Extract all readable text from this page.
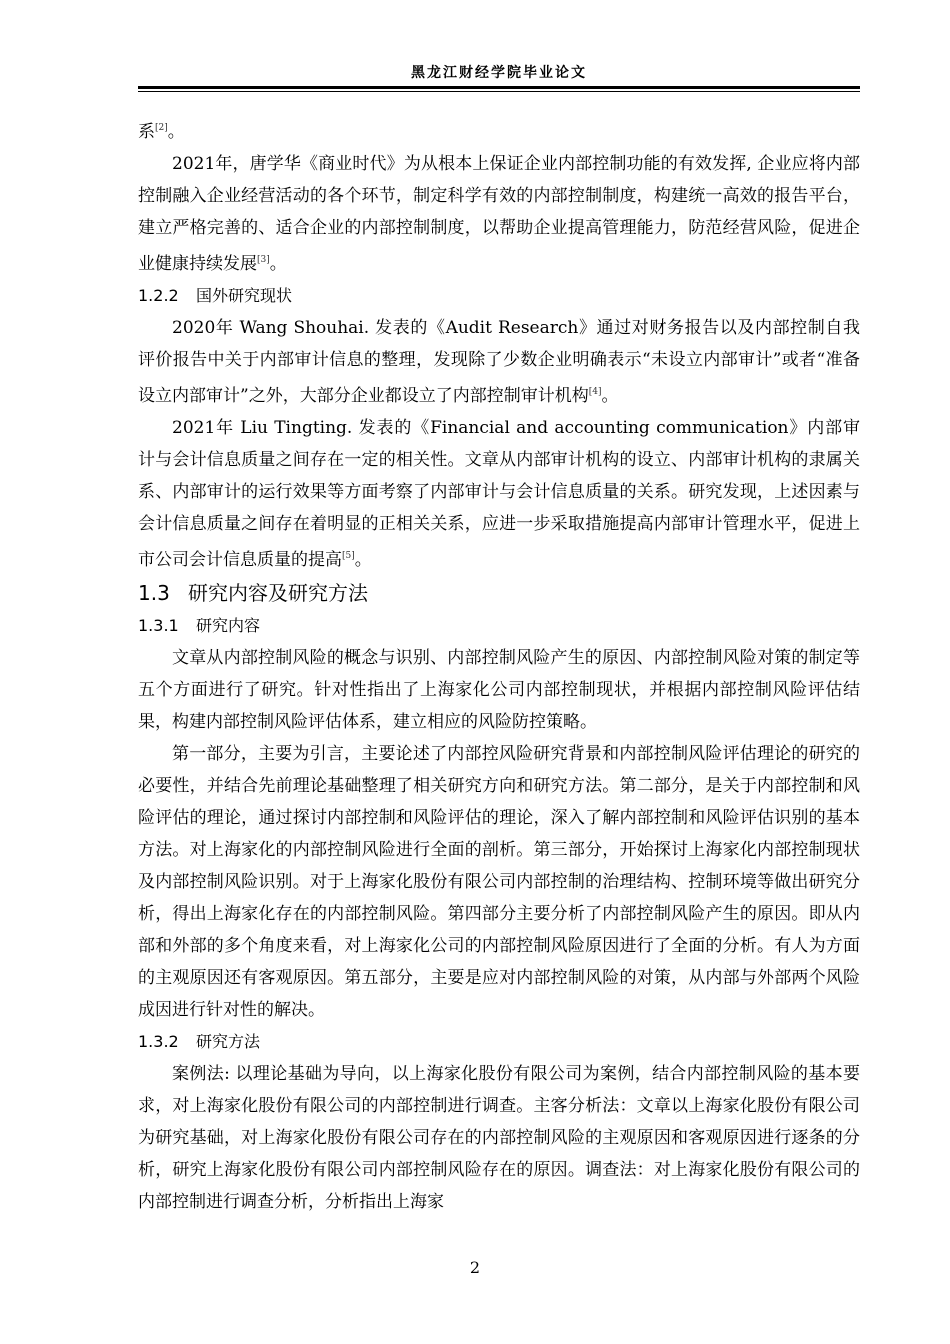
黑龙江财经学院毕业论文

系[2]。

2021年，唐学华《商业时代》为从根本上保证企业内部控制功能的有效发挥, 企业应将内部控制融入企业经营活动的各个环节，制定科学有效的内部控制制度，构建统一高效的报告平台，建立严格完善的、适合企业的内部控制制度，以帮助企业提高管理能力，防范经营风险，促进企业健康持续发展[3]。

1.2.2 国外研究现状

2020年 Wang Shouhai. 发表的《Audit Research》通过对财务报告以及内部控制自我评价报告中关于内部审计信息的整理，发现除了少数企业明确表示“未设立内部审计”或者“准备设立内部审计”之外，大部分企业都设立了内部控制审计机构[4]。

2021年 Liu Tingting. 发表的《Financial and accounting communication》内部审计与会计信息质量之间存在一定的相关性。文章从内部审计机构的设立、内部审计机构的隶属关系、内部审计的运行效果等方面考察了内部审计与会计信息质量的关系。研究发现，上述因素与会计信息质量之间存在着明显的正相关关系，应进一步采取措施提高内部审计管理水平，促进上市公司会计信息质量的提高[5]。

1.3 研究内容及研究方法
1.3.1 研究内容

文章从内部控制风险的概念与识别、内部控制风险产生的原因、内部控制风险对策的制定等五个方面进行了研究。针对性指出了上海家化公司内部控制现状，并根据内部控制风险评估结果，构建内部控制风险评估体系，建立相应的风险防控策略。

第一部分，主要为引言，主要论述了内部控风险研究背景和内部控制风险评估理论的研究的必要性，并结合先前理论基础整理了相关研究方向和研究方法。第二部分，是关于内部控制和风险评估的理论，通过探讨内部控制和风险评估的理论，深入了解内部控制和风险评估识别的基本方法。对上海家化的内部控制风险进行全面的剖析。第三部分，开始探讨上海家化内部控制现状及内部控制风险识别。对于上海家化股份有限公司内部控制的治理结构、控制环境等做出研究分析，得出上海家化存在的内部控制风险。第四部分主要分析了内部控制风险产生的原因。即从内部和外部的多个角度来看，对上海家化公司的内部控制风险原因进行了全面的分析。有人为方面的主观原因还有客观原因。第五部分，主要是应对内部控制风险的对策，从内部与外部两个风险成因进行针对性的解决。

1.3.2 研究方法

案例法: 以理论基础为导向，以上海家化股份有限公司为案例，结合内部控制风险的基本要求，对上海家化股份有限公司的内部控制进行调查。主客分析法：文章以上海家化股份有限公司为研究基础，对上海家化股份有限公司存在的内部控制风险的主观原因和客观原因进行逐条的分析，研究上海家化股份有限公司内部控制风险存在的原因。调查法：对上海家化股份有限公司的内部控制进行调查分析，分析指出上海家

2
